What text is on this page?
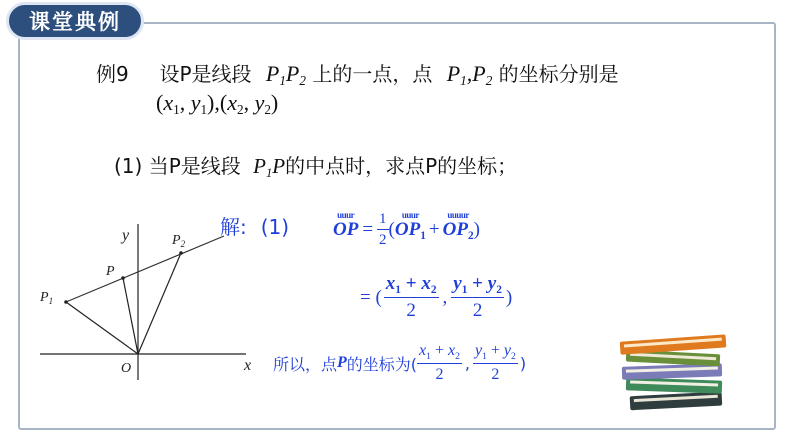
课堂典例
例9 设P是线段 $P_1P_2$ 上的一点，点 $P_1,P_2$ 的坐标分别是
($x_1$, $y_1),(x_2$, $y_2$)
(1) 当P是线段 $P_1P$的中点时，求点P的坐标；
解: (1)	uuur
OP = $\frac{1}{2}$ (
uuur
$OP_1$ +
uuuur
$OP_2$ )
= ( $\frac{x_1 + x_2}{2}$ , $\frac{y_1 + y_2}{2}$ )
所以，点 P 的坐标为( $\frac{x_1 + x_2}{2}$ , $\frac{y_1 + y_2}{2}$ )
y
x
O
P
$P_1$
$P_2$
